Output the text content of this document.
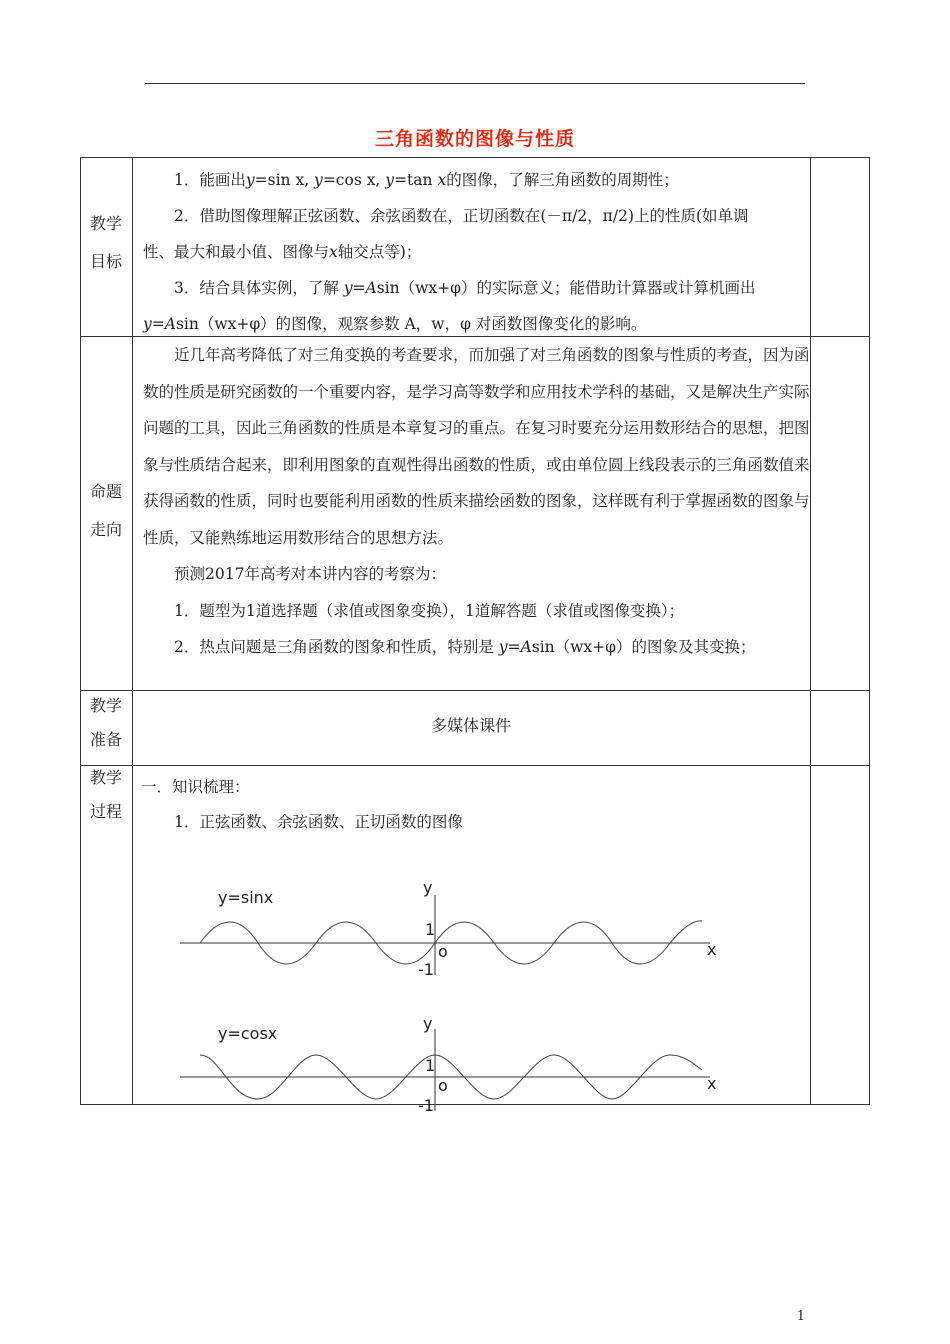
三角函数的图像与性质
教学
目标

1．能画出y=sin x, y=cos x, y=tan x的图像，了解三角函数的周期性；

2．借助图像理解正弦函数、余弦函数在，正切函数在(－π/2，π/2)上的性质(如单调

性、最大和最小值、图像与x轴交点等)；

3．结合具体实例，了解 y=Asin（wx+φ）的实际意义；能借助计算器或计算机画出

y=Asin（wx+φ）的图像，观察参数 A，w，φ 对函数图像变化的影响。

命题
走向

近几年高考降低了对三角变换的考查要求，而加强了对三角函数的图象与性质的考查，因为函数的性质是研究函数的一个重要内容，是学习高等数学和应用技术学科的基础，又是解决生产实际问题的工具，因此三角函数的性质是本章复习的重点。在复习时要充分运用数形结合的思想，把图象与性质结合起来，即利用图象的直观性得出函数的性质，或由单位圆上线段表示的三角函数值来获得函数的性质，同时也要能利用函数的性质来描绘函数的图象，这样既有利于掌握函数的图象与性质，又能熟练地运用数形结合的思想方法。

预测2017年高考对本讲内容的考察为：

1．题型为1道选择题（求值或图象变换），1道解答题（求值或图像变换）；

2．热点问题是三角函数的图象和性质，特别是 y=Asin（wx+φ）的图象及其变换；

教学
准备
多媒体课件
教学
过程

一．知识梳理：

1．正弦函数、余弦函数、正切函数的图像

y=sinx
y
x
o
1
-1
y=cosx
y
x
o
1
-1
1
